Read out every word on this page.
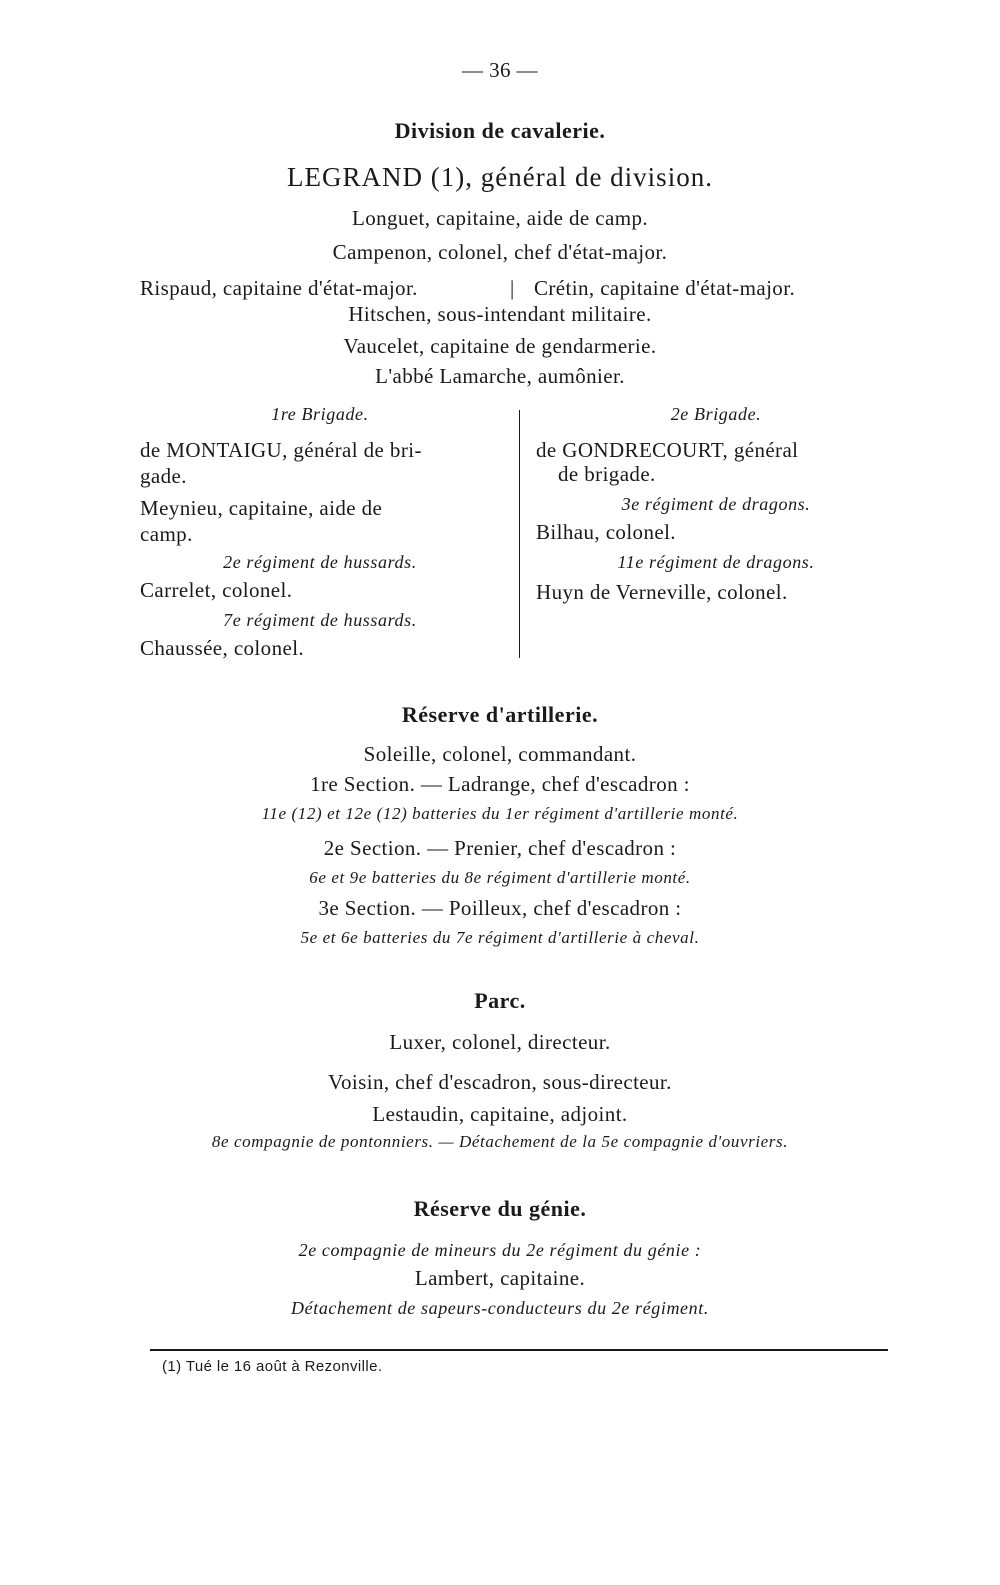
— 36 —
Division de cavalerie.
LEGRAND (1), général de division.
Longuet, capitaine, aide de camp.
Campenon, colonel, chef d'état-major.
Rispaud, capitaine d'état-major.	| Crétin, capitaine d'état-major.
Hitschen, sous-intendant militaire.
Vaucelet, capitaine de gendarmerie.
L'abbé Lamarche, aumônier.
1re Brigade.
de MONTAIGU, général de bri-
gade.
Meynieu, capitaine, aide de
camp.
2e régiment de hussards.
Carrelet, colonel.
7e régiment de hussards.
Chaussée, colonel.
2e Brigade.
de GONDRECOURT, général
de brigade.
3e régiment de dragons.
Bilhau, colonel.
11e régiment de dragons.
Huyn de Verneville, colonel.
Réserve d'artillerie.
Soleille, colonel, commandant.
1re Section. — Ladrange, chef d'escadron :
11e (12) et 12e (12) batteries du 1er régiment d'artillerie monté.
2e Section. — Prenier, chef d'escadron :
6e et 9e batteries du 8e régiment d'artillerie monté.
3e Section. — Poilleux, chef d'escadron :
5e et 6e batteries du 7e régiment d'artillerie à cheval.
Parc.
Luxer, colonel, directeur.
Voisin, chef d'escadron, sous-directeur.
Lestaudin, capitaine, adjoint.
8e compagnie de pontonniers. — Détachement de la 5e compagnie d'ouvriers.
Réserve du génie.
2e compagnie de mineurs du 2e régiment du génie :
Lambert, capitaine.
Détachement de sapeurs-conducteurs du 2e régiment.
(1) Tué le 16 août à Rezonville.
